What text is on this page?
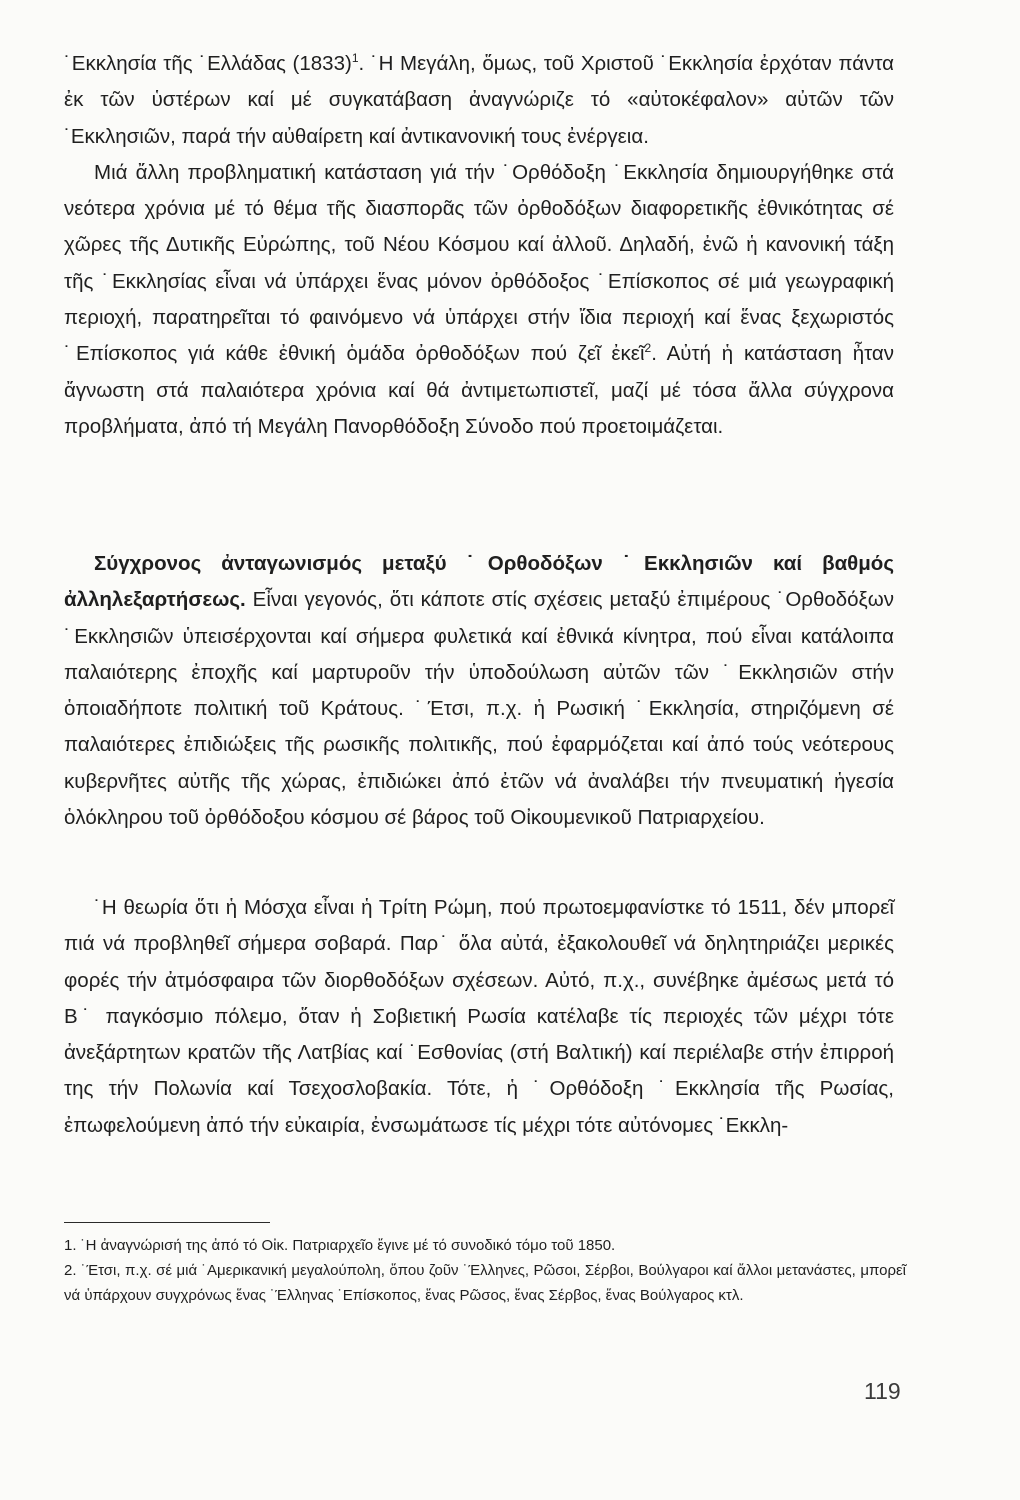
˙Εκκλησία τῆς ˙Ελλάδας $(1833)^1$. ˙Η Μεγάλη, ὅμως, τοῦ Χριστοῦ ˙Εκκλησία ἐρχόταν πάντα ἐκ τῶν ὑστέρων καί μέ συγκατάβαση ἀναγνώριζε τό «αὐτοκέφαλον» αὐτῶν τῶν ˙Εκκλησιῶν, παρά τήν αὐθαίρετη καί ἀντικανονική τους ἐνέργεια.

Μιά ἄλλη προβληματική κατάσταση γιά τήν ˙Ορθόδοξη ˙Εκκλησία δημιουργήθηκε στά νεότερα χρόνια μέ τό θέμα τῆς διασπορᾶς τῶν ὀρθοδόξων διαφορετικῆς ἐθνικότητας σέ χῶρες τῆς Δυτικῆς Εὐρώπης, τοῦ Νέου Κόσμου καί ἀλλοῦ. Δηλαδή, ἐνῶ ἡ κανονική τάξη τῆς ˙Εκκλησίας εἶναι νά ὑπάρχει ἕνας μόνον ὀρθόδοξος ˙Επίσκοπος σέ μιά γεωγραφική περιοχή, παρατηρεῖται τό φαινόμενο νά ὑπάρχει στήν ἴδια περιοχή καί ἕνας ξεχωριστός ˙Επίσκοπος γιά κάθε ἐθνική ὁμάδα ὀρθοδόξων πού ζεῖ ἐκεῖ$^2$. Αὐτή ἡ κατάσταση ἦταν ἄγνωστη στά παλαιότερα χρόνια καί θά ἀντιμετωπιστεῖ, μαζί μέ τόσα ἄλλα σύγχρονα προβλήματα, ἀπό τή Μεγάλη Πανορθόδοξη Σύνοδο πού προετοιμάζεται.

Σύγχρονος ἀνταγωνισμός μεταξύ ˙Ορθοδόξων ˙Εκκλησιῶν καί βαθμός ἀλληλεξαρτήσεως. Εἶναι γεγονός, ὅτι κάποτε στίς σχέσεις μεταξύ ἐπιμέρους ˙Ορθοδόξων ˙Εκκλησιῶν ὑπεισέρχονται καί σήμερα φυλετικά καί ἐθνικά κίνητρα, πού εἶναι κατάλοιπα παλαιότερης ἐποχῆς καί μαρτυροῦν τήν ὑποδούλωση αὐτῶν τῶν ˙Εκκλησιῶν στήν ὁποιαδήποτε πολιτική τοῦ Κράτους. ˙Έτσι, π.χ. ἡ Ρωσική ˙Εκκλησία, στηριζόμενη σέ παλαιότερες ἐπιδιώξεις τῆς ρωσικῆς πολιτικῆς, πού ἐφαρμόζεται καί ἀπό τούς νεότερους κυβερνῆτες αὐτῆς τῆς χώρας, ἐπιδιώκει ἀπό ἐτῶν νά ἀναλάβει τήν πνευματική ἡγεσία ὁλόκληρου τοῦ ὀρθόδοξου κόσμου σέ βάρος τοῦ Οἰκουμενικοῦ Πατριαρχείου.

˙Η θεωρία ὅτι ἡ Μόσχα εἶναι ἡ Τρίτη Ρώμη, πού πρωτοεμφανίστκε τό 1511, δέν μπορεῖ πιά νά προβληθεῖ σήμερα σοβαρά. Παρ˙ ὅλα αὐτά, ἐξακολουθεῖ νά δηλητηριάζει μερικές φορές τήν ἀτμόσφαιρα τῶν διορθοδόξων σχέσεων. Αὐτό, π.χ., συνέβηκε ἀμέσως μετά τό Β˙ παγκόσμιο πόλεμο, ὅταν ἡ Σοβιετική Ρωσία κατέλαβε τίς περιοχές τῶν μέχρι τότε ἀνεξάρτητων κρατῶν τῆς Λατβίας καί ˙Εσθονίας (στή Βαλτική) καί περιέλαβε στήν ἐπιρροή της τήν Πολωνία καί Τσεχοσλοβακία. Τότε, ἡ ˙Ορθόδοξη ˙Εκκλησία τῆς Ρωσίας, ἐπωφελούμενη ἀπό τήν εὐκαιρία, ἐνσωμάτωσε τίς μέχρι τότε αὐτόνομες ˙Εκκλη-

1. ˙Η ἀναγνώρισή της ἀπό τό Οἰκ. Πατριαρχεῖο ἔγινε μέ τό συνοδικό τόμο τοῦ 1850.

2. ˙Έτσι, π.χ. σέ μιά ˙Αμερικανική μεγαλούπολη, ὅπου ζοῦν ˙Έλληνες, Ρῶσοι, Σέρβοι, Βούλγαροι καί ἄλλοι μετανάστες, μπορεῖ νά ὑπάρχουν συγχρόνως ἕνας ˙Έλληνας ˙Επίσκοπος, ἕνας Ρῶσος, ἕνας Σέρβος, ἕνας Βούλγαρος κτλ.

119
